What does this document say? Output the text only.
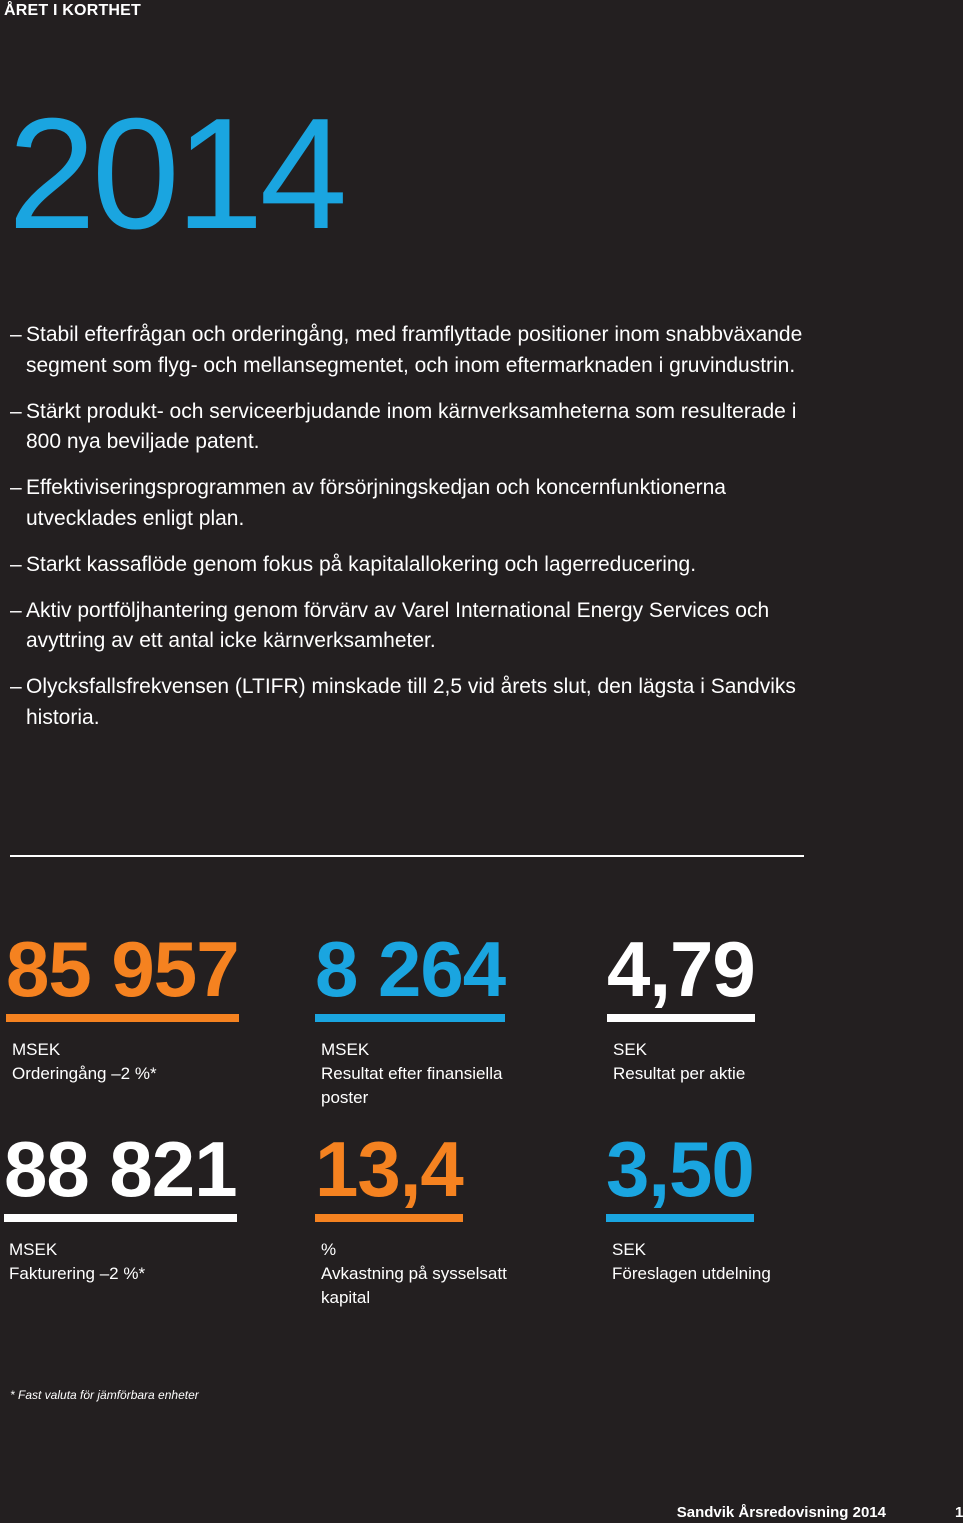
ÅRET I KORTHET
2014
– Stabil efterfrågan och orderingång, med framflyttade positioner inom snabbväxande segment som flyg- och mellansegmentet, och inom eftermarknaden i gruvindustrin.
– Stärkt produkt- och serviceerbjudande inom kärnverksamheterna som resulterade i 800 nya beviljade patent.
– Effektiviseringsprogrammen av försörjningskedjan och koncernfunktionerna utvecklades enligt plan.
– Starkt kassaflöde genom fokus på kapitalallokering och lagerreducering.
– Aktiv portföljhantering genom förvärv av Varel International Energy Services och avyttring av ett antal icke kärnverksamheter.
– Olycksfallsfrekvensen (LTIFR) minskade till 2,5 vid årets slut, den lägsta i Sandviks historia.
85 957
MSEK
Orderingång –2 %*
8 264
MSEK
Resultat efter finansiella poster
4,79
SEK
Resultat per aktie
88 821
MSEK
Fakturering –2 %*
13,4
%
Avkastning på sysselsatt kapital
3,50
SEK
Föreslagen utdelning
* Fast valuta för jämförbara enheter
Sandvik Årsredovisning 2014	1
